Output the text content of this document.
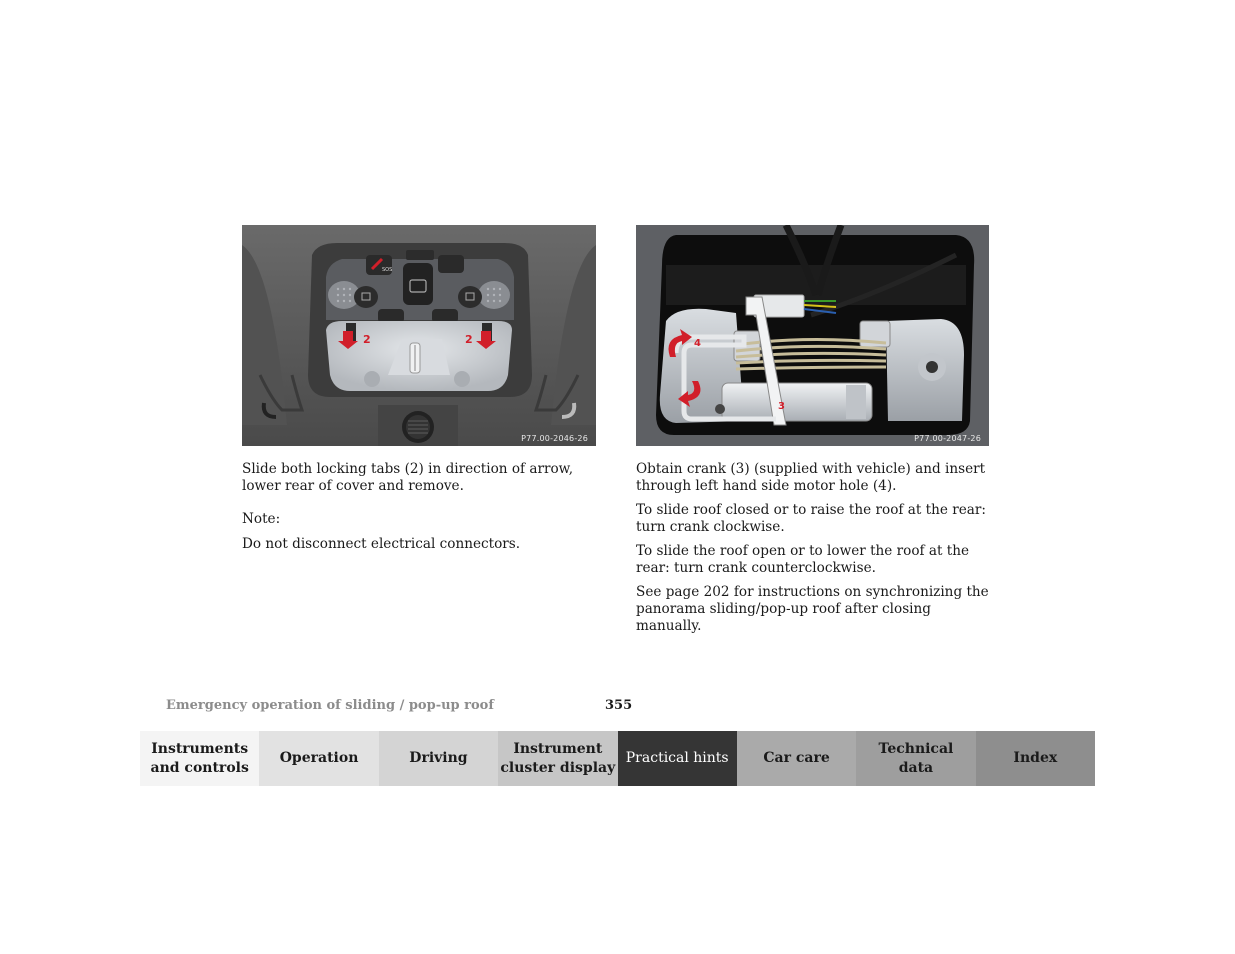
SOS
2	2
P77.00-2046-26
4
3
P77.00-2047-26

Slide both locking tabs (2) in direction of arrow, lower rear of cover and remove.

Note:

Do not disconnect electrical connectors.

Obtain crank (3) (supplied with vehicle) and insert through left hand side motor hole (4).

To slide roof closed or to raise the roof at the rear: turn crank clockwise.

To slide the roof open or to lower the roof at the rear: turn crank counterclockwise.

See page 202 for instructions on synchronizing the panorama sliding/pop-up roof after closing manually.

Emergency operation of sliding / pop-up roof	355
Instruments
and controls
Operation	Driving
Instrument
cluster display
Practical hints	Car care
Technical
data
Index
